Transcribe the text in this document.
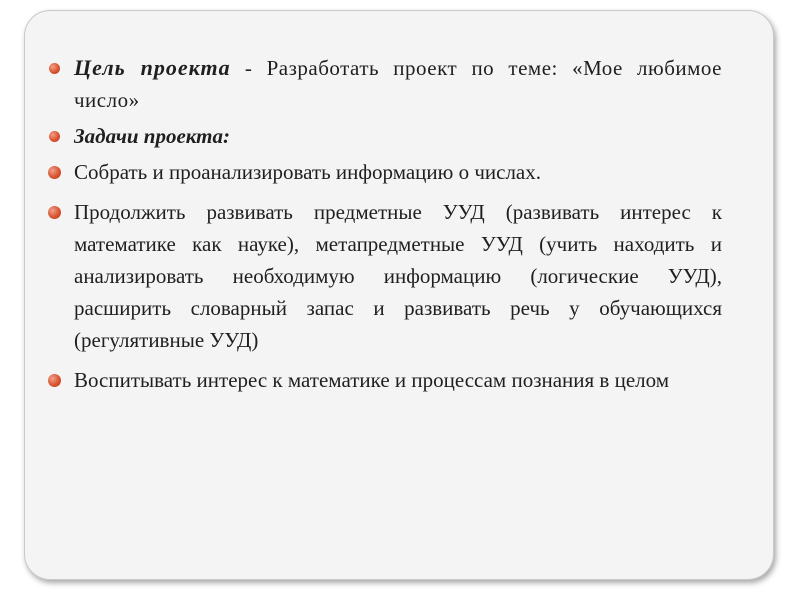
Цель проекта - Разработать проект по теме: «Мое любимое число»
Задачи проекта:
Собрать и проанализировать информацию о числах.
Продолжить развивать предметные УУД (развивать интерес к математике как науке), метапредметные УУД (учить находить и анализировать необходимую информацию (логические УУД), расширить словарный запас и развивать речь у обучающихся (регулятивные УУД)
Воспитывать интерес к математике и процессам познания в целом
